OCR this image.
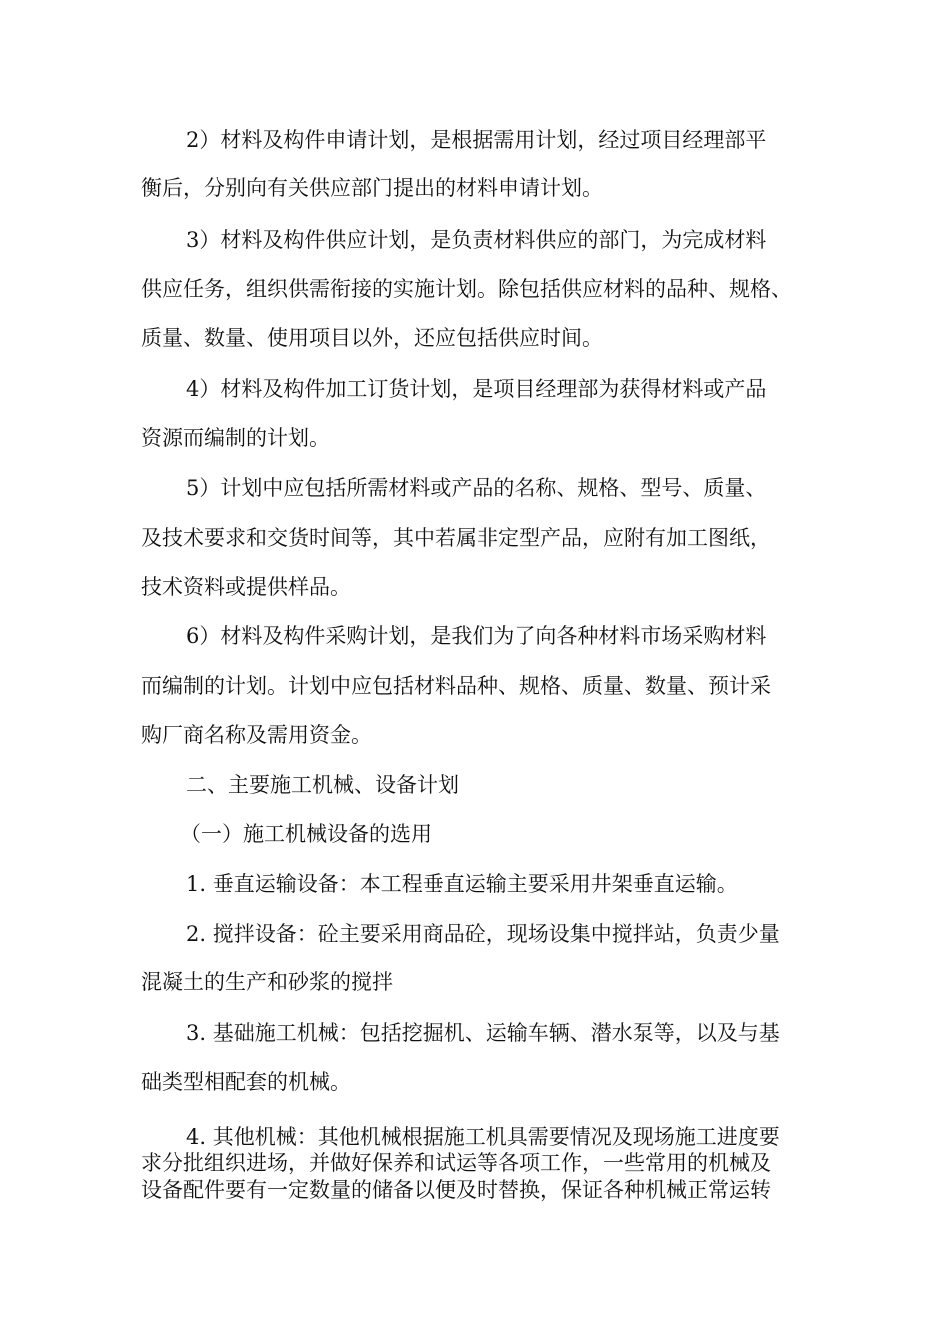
2）材料及构件申请计划，是根据需用计划，经过项目经理部平
衡后，分别向有关供应部门提出的材料申请计划。
3）材料及构件供应计划，是负责材料供应的部门，为完成材料
供应任务，组织供需衔接的实施计划。除包括供应材料的品种、规格、
质量、数量、使用项目以外，还应包括供应时间。
4）材料及构件加工订货计划，是项目经理部为获得材料或产品
资源而编制的计划。
5）计划中应包括所需材料或产品的名称、规格、型号、质量、
及技术要求和交货时间等，其中若属非定型产品，应附有加工图纸，
技术资料或提供样品。
6）材料及构件采购计划，是我们为了向各种材料市场采购材料
而编制的计划。计划中应包括材料品种、规格、质量、数量、预计采
购厂商名称及需用资金。
二、主要施工机械、设备计划
（一）施工机械设备的选用
1. 垂直运输设备：本工程垂直运输主要采用井架垂直运输。
2. 搅拌设备：砼主要采用商品砼，现场设集中搅拌站，负责少量
混凝土的生产和砂浆的搅拌
3. 基础施工机械：包括挖掘机、运输车辆、潜水泵等，以及与基
础类型相配套的机械。
4. 其他机械：其他机械根据施工机具需要情况及现场施工进度要
求分批组织进场，并做好保养和试运等各项工作，一些常用的机械及
设备配件要有一定数量的储备以便及时替换，保证各种机械正常运转
